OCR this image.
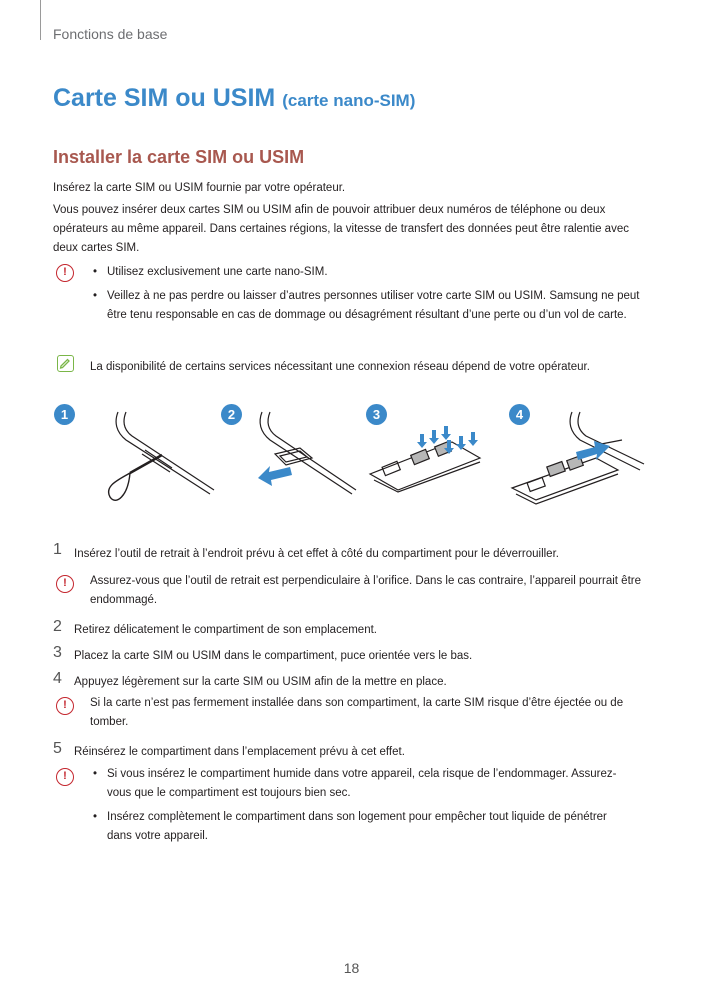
Fonctions de base
Carte SIM ou USIM (carte nano-SIM)
Installer la carte SIM ou USIM
Insérez la carte SIM ou USIM fournie par votre opérateur.
Vous pouvez insérer deux cartes SIM ou USIM afin de pouvoir attribuer deux numéros de téléphone ou deux opérateurs au même appareil. Dans certaines régions, la vitesse de transfert des données peut être ralentie avec deux cartes SIM.
!	• Utilisez exclusivement une carte nano-SIM.
• Veillez à ne pas perdre ou laisser d’autres personnes utiliser votre carte SIM ou USIM. Samsung ne peut être tenu responsable en cas de dommage ou désagrément résultant d’une perte ou d’un vol de carte.
La disponibilité de certains services nécessitant une connexion réseau dépend de votre opérateur.
1	2	3	4
1 Insérez l’outil de retrait à l’endroit prévu à cet effet à côté du compartiment pour le déverrouiller.
!	Assurez-vous que l’outil de retrait est perpendiculaire à l’orifice. Dans le cas contraire, l’appareil pourrait être endommagé.
2 Retirez délicatement le compartiment de son emplacement.
3 Placez la carte SIM ou USIM dans le compartiment, puce orientée vers le bas.
4 Appuyez légèrement sur la carte SIM ou USIM afin de la mettre en place.
!	Si la carte n’est pas fermement installée dans son compartiment, la carte SIM risque d’être éjectée ou de tomber.
5 Réinsérez le compartiment dans l’emplacement prévu à cet effet.
!	• Si vous insérez le compartiment humide dans votre appareil, cela risque de l’endommager. Assurez-vous que le compartiment est toujours bien sec.
• Insérez complètement le compartiment dans son logement pour empêcher tout liquide de pénétrer dans votre appareil.
18
